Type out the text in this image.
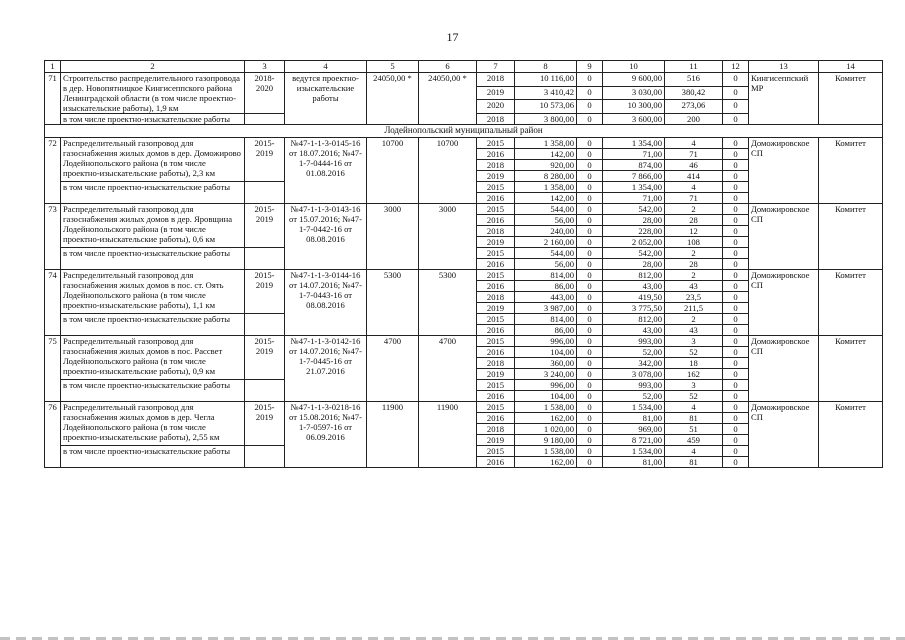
17
1	2	3	4	5	6	7	8	9	10	11	12	13	14
71	Строительство распределительного газопровода в дер. Новопятницкое Кингисеппского района Ленинградской области (в том числе проектно-изыскательские работы), 1,9 км	2018-2020	ведутся проектно-изыскательские работы	24050,00 *	24050,00 *	2018	10 116,00	0	9 600,00	516	0	Кингисеппский МР	Комитет
						2019	3 410,42	0	3 030,00	380,42	0		
						2020	10 573,06	0	10 300,00	273,06	0		
	в том числе проектно-изыскательские работы					2018	3 800,00	0	3 600,00	200	0		
Лодейнопольский муниципальный район													
72	Распределительный газопровод для газоснабжения жилых домов в дер. Доможирово Лодейнопольского района (в том числе проектно-изыскательские работы), 2,3 км	2015-2019	№47-1-1-3-0145-16 от 18.07.2016; №47-1-7-0444-16 от 01.08.2016	10700	10700	2015	1 358,00	0	1 354,00	4	0	Доможировское СП	Комитет
						2016	142,00	0	71,00	71	0		
						2018	920,00	0	874,00	46	0		
						2019	8 280,00	0	7 866,00	414	0		
	в том числе проектно-изыскательские работы					2015	1 358,00	0	1 354,00	4	0		
						2016	142,00	0	71,00	71	0		
73	Распределительный газопровод для газоснабжения жилых домов в дер. Яровщина Лодейнопольского района (в том числе проектно-изыскательские работы), 0,6 км	2015-2019	№47-1-1-3-0143-16 от 15.07.2016; №47-1-7-0442-16 от 08.08.2016	3000	3000	2015	544,00	0	542,00	2	0	Доможировское СП	Комитет
						2016	56,00	0	28,00	28	0		
						2018	240,00	0	228,00	12	0		
						2019	2 160,00	0	2 052,00	108	0		
	в том числе проектно-изыскательские работы					2015	544,00	0	542,00	2	0		
						2016	56,00	0	28,00	28	0		
74	Распределительный газопровод для газоснабжения жилых домов в пос. ст. Оять Лодейнопольского района (в том числе проектно-изыскательские работы), 1,1 км	2015-2019	№47-1-1-3-0144-16 от 14.07.2016; №47-1-7-0443-16 от 08.08.2016	5300	5300	2015	814,00	0	812,00	2	0	Доможировское СП	Комитет
						2016	86,00	0	43,00	43	0		
						2018	443,00	0	419,50	23,5	0		
						2019	3 987,00	0	3 775,50	211,5	0		
	в том числе проектно-изыскательские работы					2015	814,00	0	812,00	2	0		
						2016	86,00	0	43,00	43	0		
75	Распределительный газопровод для газоснабжения жилых домов в пос. Рассвет Лодейнопольского района (в том числе проектно-изыскательские работы), 0,9 км	2015-2019	№47-1-1-3-0142-16 от 14.07.2016; №47-1-7-0445-16 от 21.07.2016	4700	4700	2015	996,00	0	993,00	3	0	Доможировское СП	Комитет
						2016	104,00	0	52,00	52	0		
						2018	360,00	0	342,00	18	0		
						2019	3 240,00	0	3 078,00	162	0		
	в том числе проектно-изыскательские работы					2015	996,00	0	993,00	3	0		
						2016	104,00	0	52,00	52	0		
76	Распределительный газопровод для газоснабжения жилых домов в дер. Чегла Лодейнопольского района (в том числе проектно-изыскательские работы), 2,55 км	2015-2019	№47-1-1-3-0218-16 от 15.08.2016; №47-1-7-0597-16 от 06.09.2016	11900	11900	2015	1 538,00	0	1 534,00	4	0	Доможировское СП	Комитет
						2016	162,00	0	81,00	81	0		
						2018	1 020,00	0	969,00	51	0		
						2019	9 180,00	0	8 721,00	459	0		
	в том числе проектно-изыскательские работы					2015	1 538,00	0	1 534,00	4	0		
						2016	162,00	0	81,00	81	0		
